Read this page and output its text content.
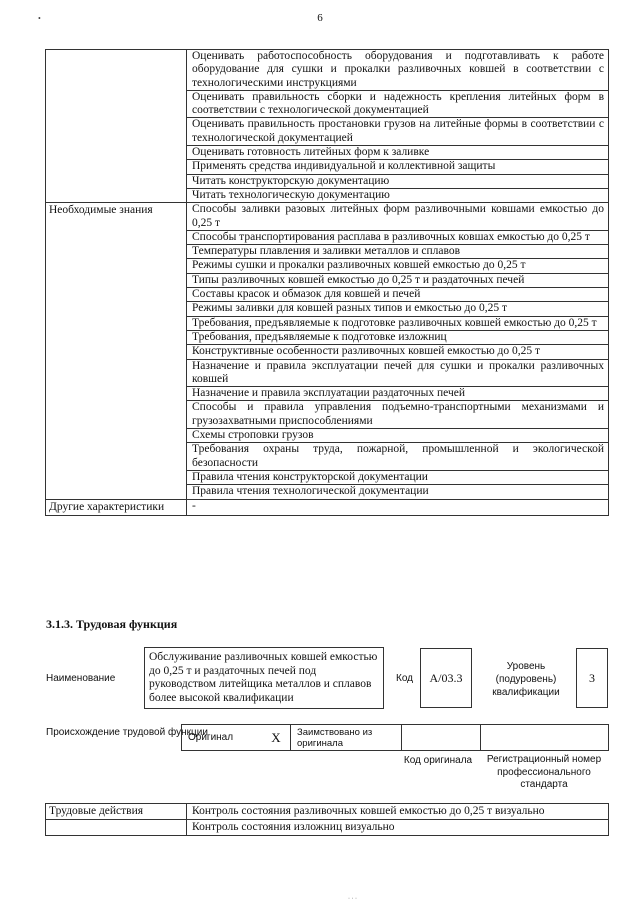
6
•
	Оценивать работоспособность оборудования и подготавливать к работе оборудование для сушки и прокалки разливочных ковшей в соответствии с технологическими инструкциями
	Оценивать правильность сборки и надежность крепления литейных форм в соответствии с технологической документацией
	Оценивать правильность простановки грузов на литейные формы в соответствии с технологической документацией
	Оценивать готовность литейных форм к заливке
	Применять средства индивидуальной и коллективной защиты
	Читать конструкторскую документацию
	Читать технологическую документацию
Необходимые знания	Способы заливки разовых литейных форм разливочными ковшами емкостью до 0,25 т
	Способы транспортирования расплава в разливочных ковшах емкостью до 0,25 т
	Температуры плавления и заливки металлов и сплавов
	Режимы сушки и прокалки разливочных ковшей емкостью до 0,25 т
	Типы разливочных ковшей емкостью до 0,25 т и раздаточных печей
	Составы красок и обмазок для ковшей и печей
	Режимы заливки для ковшей разных типов и емкостью до 0,25 т
	Требования, предъявляемые к подготовке разливочных ковшей емкостью до 0,25 т
	Требования, предъявляемые к подготовке изложниц
	Конструктивные особенности разливочных ковшей емкостью до 0,25 т
	Назначение и правила эксплуатации печей для сушки и прокалки разливочных ковшей
	Назначение и правила эксплуатации раздаточных печей
	Способы и правила управления подъемно-транспортными механизмами и грузозахватными приспособлениями
	Схемы строповки грузов
	Требования охраны труда, пожарной, промышленной и экологической безопасности
	Правила чтения конструкторской документации
	Правила чтения технологической документации
Другие характеристики	-
3.1.3. Трудовая функция
Наименование
Обслуживание разливочных ковшей емкостью до 0,25 т и раздаточных печей под руководством литейщика металлов и сплавов более высокой квалификации
Код	A/03.3
Уровень (подуровень) квалификации
3
Происхождение трудовой функции
Оригинал	X	Заимствовано из оригинала		
Код оригинала	Регистрационный номер профессионального стандарта
Трудовые действия	Контроль состояния разливочных ковшей емкостью до 0,25 т визуально
	Контроль состояния изложниц визуально
· · ·
